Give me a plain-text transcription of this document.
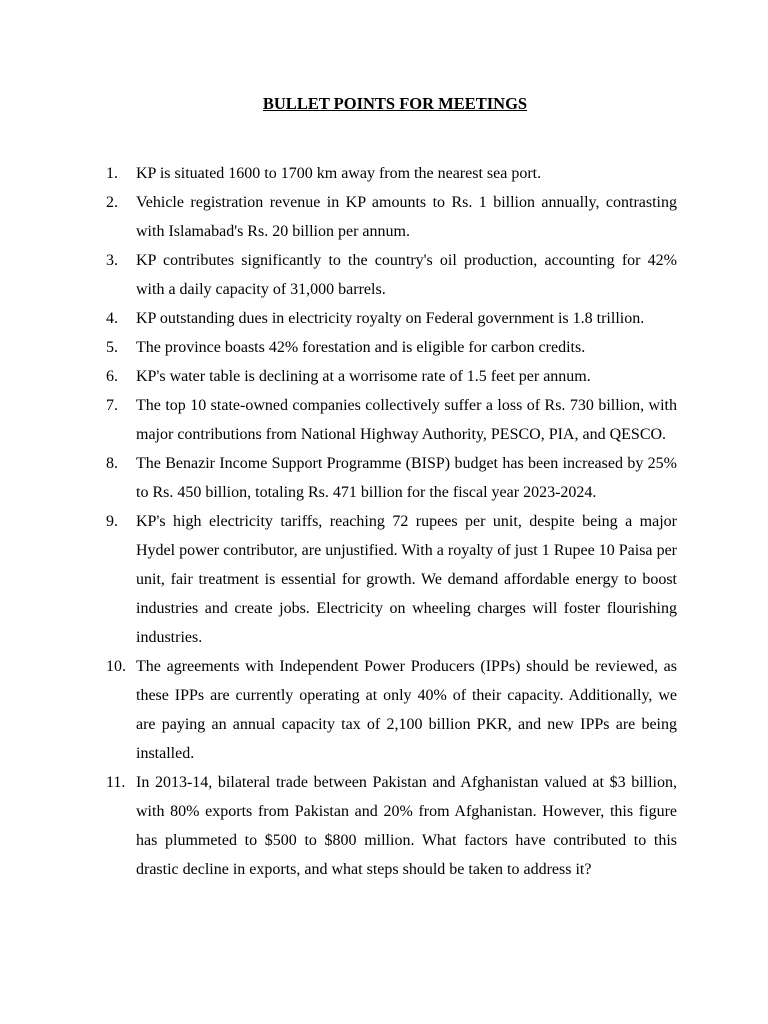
BULLET POINTS FOR MEETINGS
1.	KP is situated 1600 to 1700 km away from the nearest sea port.
2.	Vehicle registration revenue in KP amounts to Rs. 1 billion annually, contrasting with Islamabad's Rs. 20 billion per annum.
3.	KP contributes significantly to the country's oil production, accounting for 42% with a daily capacity of 31,000 barrels.
4.	KP outstanding dues in electricity royalty on Federal government is 1.8 trillion.
5.	The province boasts 42% forestation and is eligible for carbon credits.
6.	KP's water table is declining at a worrisome rate of 1.5 feet per annum.
7.	The top 10 state-owned companies collectively suffer a loss of Rs. 730 billion, with major contributions from National Highway Authority, PESCO, PIA, and QESCO.
8.	The Benazir Income Support Programme (BISP) budget has been increased by 25% to Rs. 450 billion, totaling Rs. 471 billion for the fiscal year 2023-2024.
9.	KP's high electricity tariffs, reaching 72 rupees per unit, despite being a major Hydel power contributor, are unjustified. With a royalty of just 1 Rupee 10 Paisa per unit, fair treatment is essential for growth. We demand affordable energy to boost industries and create jobs. Electricity on wheeling charges will foster flourishing industries.
10. The agreements with Independent Power Producers (IPPs) should be reviewed, as these IPPs are currently operating at only 40% of their capacity. Additionally, we are paying an annual capacity tax of 2,100 billion PKR, and new IPPs are being installed.
11. In 2013-14, bilateral trade between Pakistan and Afghanistan valued at $3 billion, with 80% exports from Pakistan and 20% from Afghanistan. However, this figure has plummeted to $500 to $800 million. What factors have contributed to this drastic decline in exports, and what steps should be taken to address it?
